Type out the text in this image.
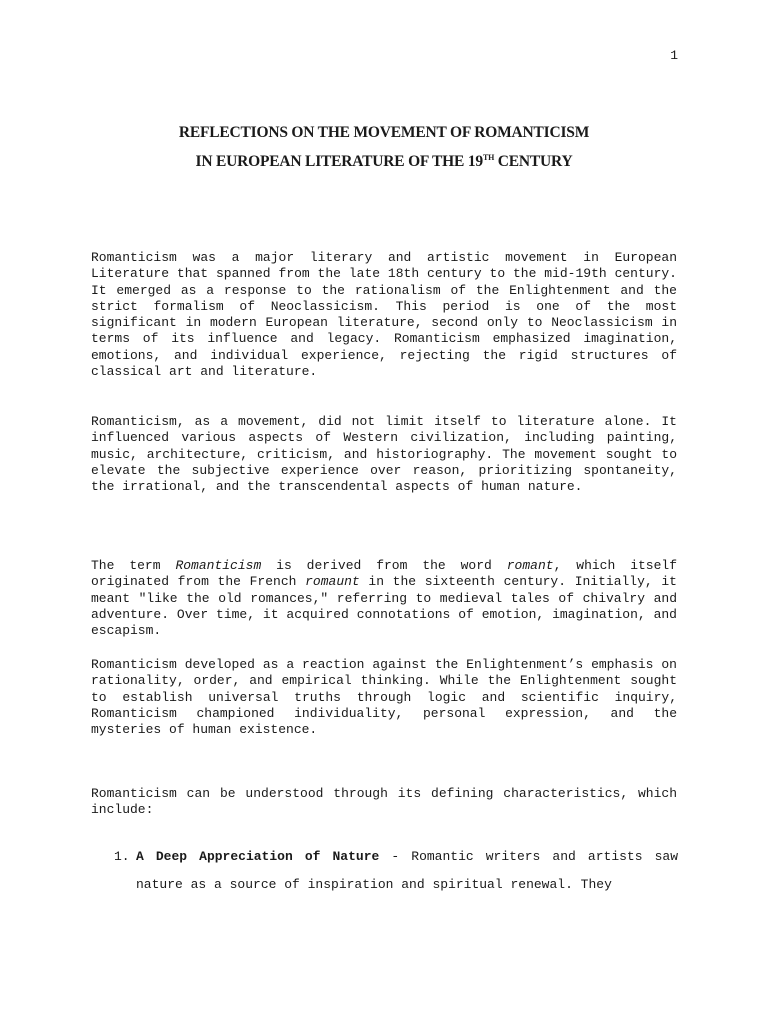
1
REFLECTIONS ON THE MOVEMENT OF ROMANTICISM
IN EUROPEAN LITERATURE OF THE 19TH CENTURY

Romanticism was a major literary and artistic movement in European Literature that spanned from the late 18th century to the mid-19th century. It emerged as a response to the rationalism of the Enlightenment and the strict formalism of Neoclassicism. This period is one of the most significant in modern European literature, second only to Neoclassicism in terms of its influence and legacy. Romanticism emphasized imagination, emotions, and individual experience, rejecting the rigid structures of classical art and literature.

Romanticism, as a movement, did not limit itself to literature alone. It influenced various aspects of Western civilization, including painting, music, architecture, criticism, and historiography. The movement sought to elevate the subjective experience over reason, prioritizing spontaneity, the irrational, and the transcendental aspects of human nature.

The term Romanticism is derived from the word romant, which itself originated from the French romaunt in the sixteenth century. Initially, it meant "like the old romances," referring to medieval tales of chivalry and adventure. Over time, it acquired connotations of emotion, imagination, and escapism.

Romanticism developed as a reaction against the Enlightenment’s emphasis on rationality, order, and empirical thinking. While the Enlightenment sought to establish universal truths through logic and scientific inquiry, Romanticism championed individuality, personal expression, and the mysteries of human existence.

Romanticism can be understood through its defining characteristics, which include:

1. A Deep Appreciation of Nature - Romantic writers and artists saw nature as a source of inspiration and spiritual renewal. They
